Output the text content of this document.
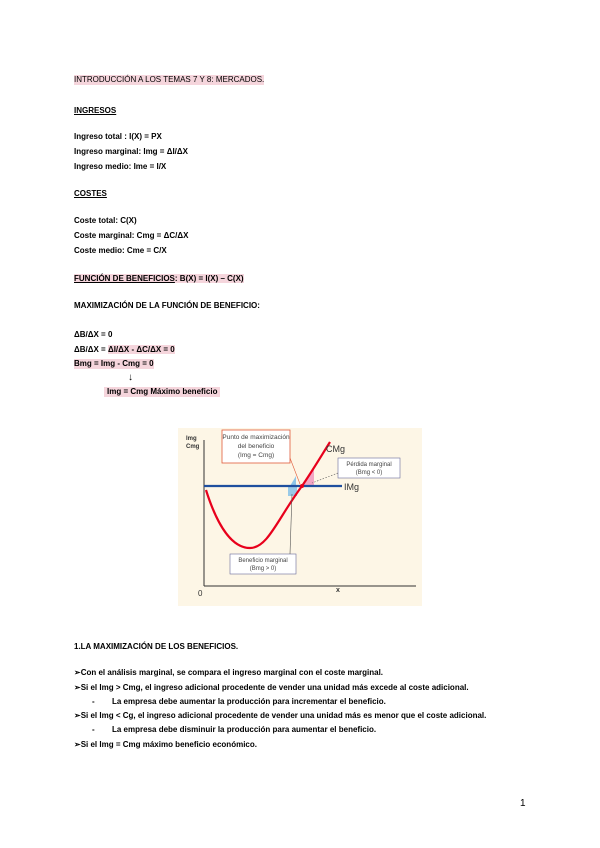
INTRODUCCIÓN A LOS TEMAS 7 Y 8: MERCADOS.
INGRESOS
Ingreso total : I(X) = PX
Ingreso marginal: Img = ΔI/ΔX
Ingreso medio: Ime = I/X
COSTES
Coste total: C(X)
Coste marginal: Cmg = ΔC/ΔX
Coste medio: Cme = C/X
FUNCIÓN DE BENEFICIOS: B(X) = I(X) – C(X)
MAXIMIZACIÓN DE LA FUNCIÓN DE BENEFICIO:
ΔB/ΔX = 0
ΔB/ΔX = ΔI/ΔX - ΔC/ΔX = 0
Bmg = Img - Cmg = 0
↓
Img = Cmg Máximo beneficio
Punto de maximización
del beneficio
(Img = Cmg)
Pérdida marginal
(Bmg < 0)
Beneficio marginal
(Bmg > 0)
Img
Cmg	CMg
IMg
0	x
1.LA MAXIMIZACIÓN DE LOS BENEFICIOS.
➢Con el análisis marginal, se compara el ingreso marginal con el coste marginal.
➢Si el Img > Cmg, el ingreso adicional procedente de vender una unidad más excede al coste adicional.
- La empresa debe aumentar la producción para incrementar el beneficio.
➢Si el Img < Cg, el ingreso adicional procedente de vender una unidad más es menor que el coste adicional.
- La empresa debe disminuir la producción para aumentar el beneficio.
➢Si el Img = Cmg máximo beneficio económico.
1
